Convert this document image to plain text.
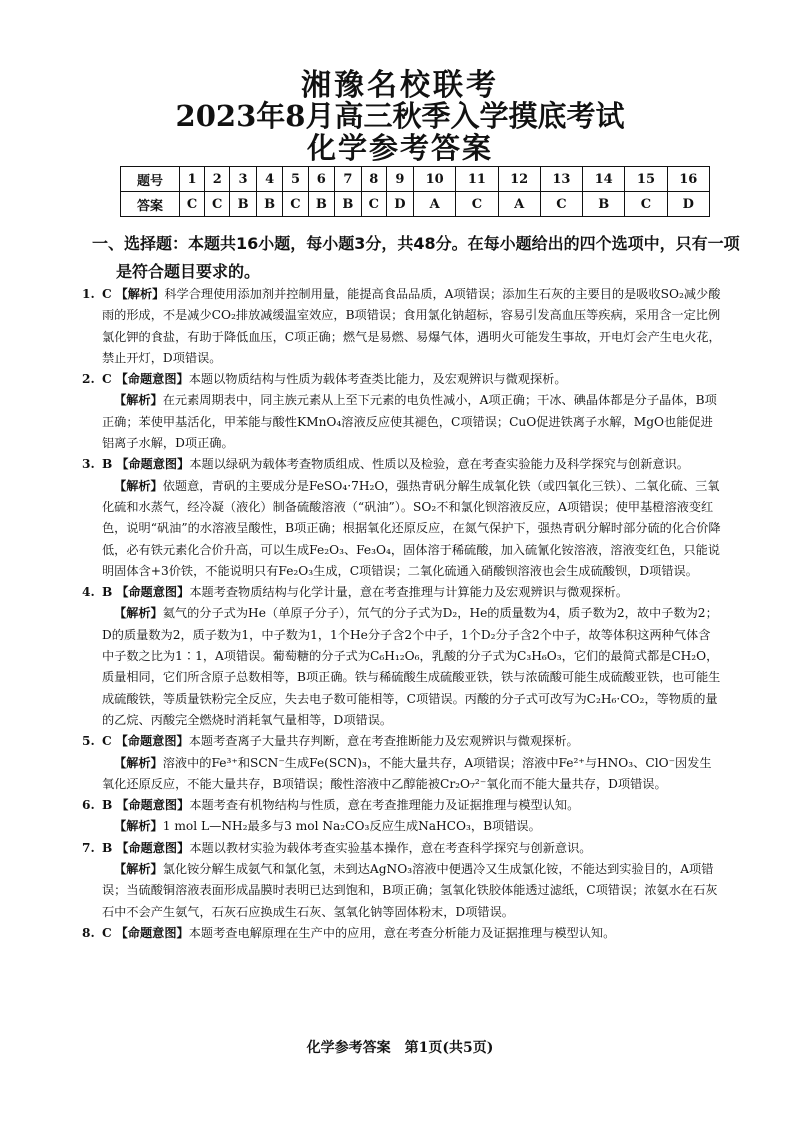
湘豫名校联考
2023年8月高三秋季入学摸底考试
化学参考答案
题号	1	2	3	4	5	6	7	8	9	10	11	12	13	14	15	16
答案	C	C	B	B	C	B	B	C	D	A	C	A	C	B	C	D
一、选择题：本题共16小题，每小题3分，共48分。在每小题给出的四个选项中，只有一项是符合题目要求的。

1. C 【解析】科学合理使用添加剂并控制用量，能提高食品品质，A项错误；添加生石灰的主要目的是吸收SO₂减少酸雨的形成，不是减少CO₂排放减缓温室效应，B项错误；食用氯化钠超标，容易引发高血压等疾病，采用含一定比例氯化钾的食盐，有助于降低血压，C项正确；燃气是易燃、易爆气体，遇明火可能发生事故，开电灯会产生电火花，禁止开灯，D项错误。

2. C 【命题意图】本题以物质结构与性质为载体考查类比能力，及宏观辨识与微观探析。

【解析】在元素周期表中，同主族元素从上至下元素的电负性减小，A项正确；干冰、碘晶体都是分子晶体，B项正确；苯使甲基活化，甲苯能与酸性KMnO₄溶液反应使其褪色，C项错误；CuO促进铁离子水解，MgO也能促进铝离子水解，D项正确。

3. B 【命题意图】本题以绿矾为载体考查物质组成、性质以及检验，意在考查实验能力及科学探究与创新意识。

【解析】依题意，青矾的主要成分是FeSO₄·7H₂O，强热青矾分解生成氧化铁（或四氧化三铁）、二氧化硫、三氧化硫和水蒸气，经冷凝（液化）制备硫酸溶液（“矾油”）。SO₂不和氯化钡溶液反应，A项错误；使甲基橙溶液变红色，说明“矾油”的水溶液呈酸性，B项正确；根据氧化还原反应，在氮气保护下，强热青矾分解时部分硫的化合价降低，必有铁元素化合价升高，可以生成Fe₂O₃、Fe₃O₄，固体溶于稀硫酸，加入硫氰化铵溶液，溶液变红色，只能说明固体含+3价铁，不能说明只有Fe₂O₃生成，C项错误；二氧化硫通入硝酸钡溶液也会生成硫酸钡，D项错误。

4. B 【命题意图】本题考查物质结构与化学计量，意在考查推理与计算能力及宏观辨识与微观探析。

【解析】氦气的分子式为He（单原子分子），氘气的分子式为D₂，He的质量数为4，质子数为2，故中子数为2；D的质量数为2，质子数为1，中子数为1，1个He分子含2个中子，1个D₂分子含2个中子，故等体积这两种气体含中子数之比为1∶1，A项错误。葡萄糖的分子式为C₆H₁₂O₆，乳酸的分子式为C₃H₆O₃，它们的最简式都是CH₂O，质量相同，它们所含原子总数相等，B项正确。铁与稀硫酸生成硫酸亚铁，铁与浓硫酸可能生成硫酸亚铁，也可能生成硫酸铁，等质量铁粉完全反应，失去电子数可能相等，C项错误。丙酸的分子式可改写为C₂H₆·CO₂，等物质的量的乙烷、丙酸完全燃烧时消耗氧气量相等，D项错误。

5. C 【命题意图】本题考查离子大量共存判断，意在考查推断能力及宏观辨识与微观探析。

【解析】溶液中的Fe³⁺和SCN⁻生成Fe(SCN)₃，不能大量共存，A项错误；溶液中Fe²⁺与HNO₃、ClO⁻因发生氧化还原反应，不能大量共存，B项错误；酸性溶液中乙醇能被Cr₂O₇²⁻氧化而不能大量共存，D项错误。

6. B 【命题意图】本题考查有机物结构与性质，意在考查推理能力及证据推理与模型认知。

【解析】1 mol L—NH₂最多与3 mol Na₂CO₃反应生成NaHCO₃，B项错误。

7. B 【命题意图】本题以教材实验为载体考查实验基本操作，意在考查科学探究与创新意识。

【解析】氯化铵分解生成氨气和氯化氢，未到达AgNO₃溶液中便遇冷又生成氯化铵，不能达到实验目的，A项错误；当硫酸铜溶液表面形成晶膜时表明已达到饱和，B项正确；氢氧化铁胶体能透过滤纸，C项错误；浓氨水在石灰石中不会产生氨气，石灰石应换成生石灰、氢氧化钠等固体粉末，D项错误。

8. C 【命题意图】本题考查电解原理在生产中的应用，意在考查分析能力及证据推理与模型认知。

化学参考答案　第1页(共5页)
